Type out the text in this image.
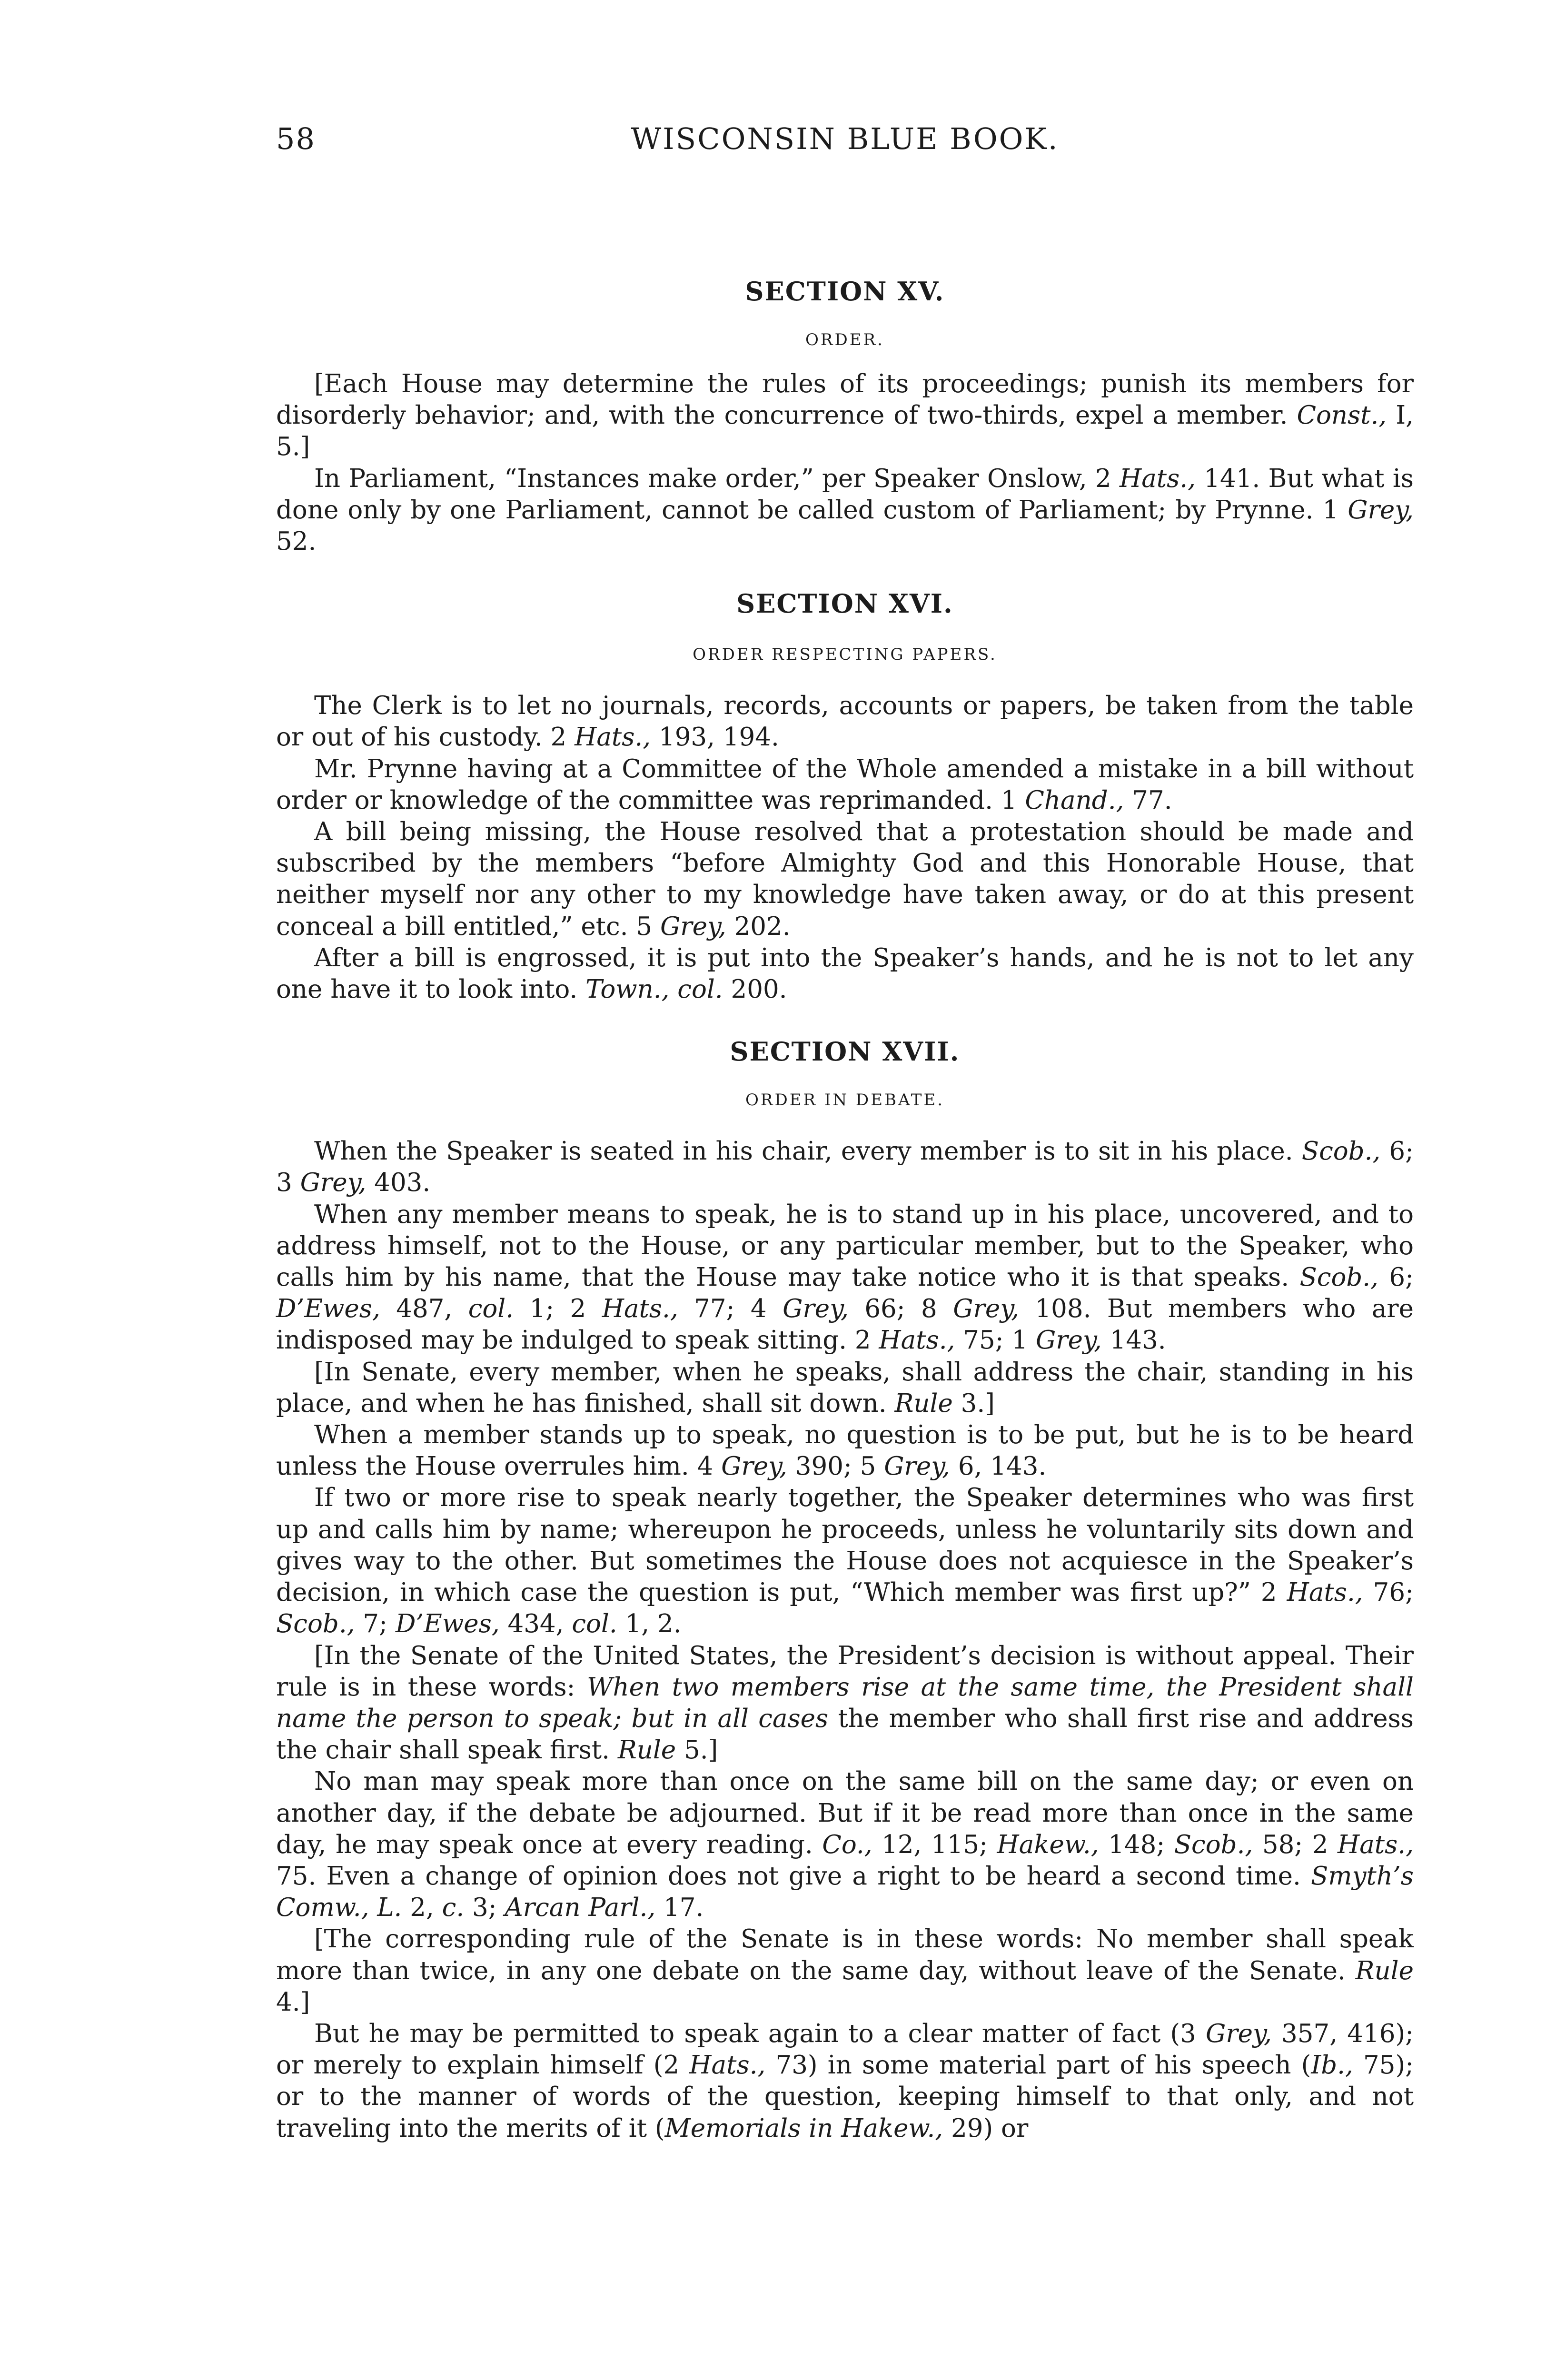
58	WISCONSIN BLUE BOOK.
SECTION XV.
ORDER.

[Each House may determine the rules of its proceedings; punish its members for disorderly behavior; and, with the concurrence of two-thirds, expel a member. Const., I, 5.]

In Parliament, “Instances make order,” per Speaker Onslow, 2 Hats., 141. But what is done only by one Parliament, cannot be called custom of Parliament; by Prynne. 1 Grey, 52.

SECTION XVI.
ORDER RESPECTING PAPERS.

The Clerk is to let no journals, records, accounts or papers, be taken from the table or out of his custody. 2 Hats., 193, 194.

Mr. Prynne having at a Committee of the Whole amended a mistake in a bill without order or knowledge of the committee was reprimanded. 1 Chand., 77.

A bill being missing, the House resolved that a protestation should be made and subscribed by the members “before Almighty God and this Honorable House, that neither myself nor any other to my knowledge have taken away, or do at this present conceal a bill entitled,” etc. 5 Grey, 202.

After a bill is engrossed, it is put into the Speaker’s hands, and he is not to let any one have it to look into. Town., col. 200.

SECTION XVII.
ORDER IN DEBATE.

When the Speaker is seated in his chair, every member is to sit in his place. Scob., 6; 3 Grey, 403.

When any member means to speak, he is to stand up in his place, uncovered, and to address himself, not to the House, or any particular member, but to the Speaker, who calls him by his name, that the House may take notice who it is that speaks. Scob., 6; D’Ewes, 487, col. 1; 2 Hats., 77; 4 Grey, 66; 8 Grey, 108. But members who are indisposed may be indulged to speak sitting. 2 Hats., 75; 1 Grey, 143.

[In Senate, every member, when he speaks, shall address the chair, standing in his place, and when he has finished, shall sit down. Rule 3.]

When a member stands up to speak, no question is to be put, but he is to be heard unless the House overrules him. 4 Grey, 390; 5 Grey, 6, 143.

If two or more rise to speak nearly together, the Speaker determines who was first up and calls him by name; whereupon he proceeds, unless he voluntarily sits down and gives way to the other. But sometimes the House does not acquiesce in the Speaker’s decision, in which case the question is put, “Which member was first up?” 2 Hats., 76; Scob., 7; D’Ewes, 434, col. 1, 2.

[In the Senate of the United States, the President’s decision is without appeal. Their rule is in these words: When two members rise at the same time, the President shall name the person to speak; but in all cases the member who shall first rise and address the chair shall speak first. Rule 5.]

No man may speak more than once on the same bill on the same day; or even on another day, if the debate be adjourned. But if it be read more than once in the same day, he may speak once at every reading. Co., 12, 115; Hakew., 148; Scob., 58; 2 Hats., 75. Even a change of opinion does not give a right to be heard a second time. Smyth’s Comw., L. 2, c. 3; Arcan Parl., 17.

[The corresponding rule of the Senate is in these words: No member shall speak more than twice, in any one debate on the same day, without leave of the Senate. Rule 4.]

But he may be permitted to speak again to a clear matter of fact (3 Grey, 357, 416); or merely to explain himself (2 Hats., 73) in some material part of his speech (Ib., 75); or to the manner of words of the question, keeping himself to that only, and not traveling into the merits of it (Memorials in Hakew., 29) or
